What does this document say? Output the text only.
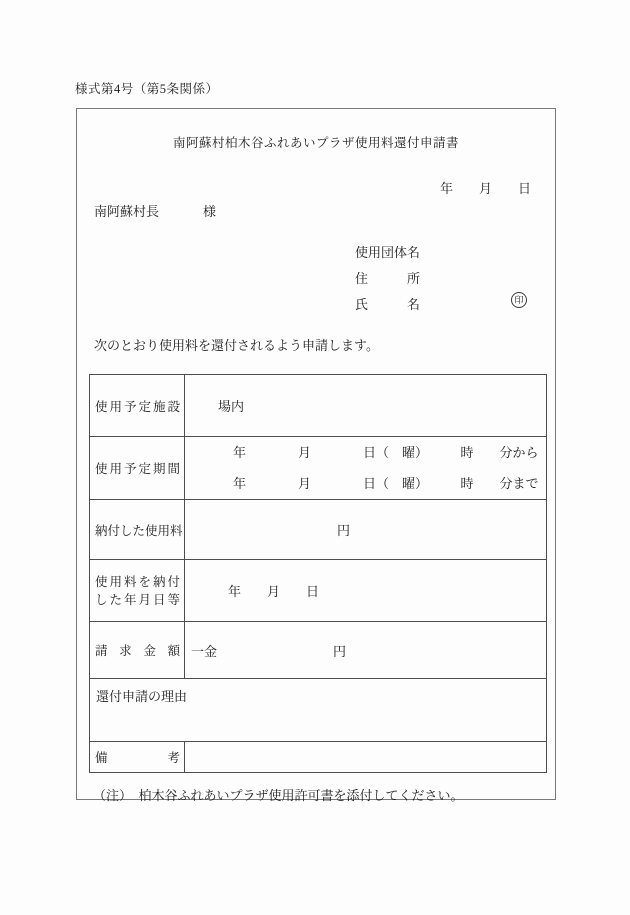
様式第4号（第5条関係）
南阿蘇村柏木谷ふれあいプラザ使用料還付申請書
年　　月　　日
南阿蘇村長	様
使用団体名
住　　　所
氏　　　名	印
次のとおり使用料を還付されるよう申請します。
使用予定施設	場内
使用予定期間	年　　　　月　　　　日（　曜）　　　時　　分から
年　　　　月　　　　日（　曜）　　　時　　分まで

納付した使用料	円

使用料を納付
した年月日等	年　　月　　日
請求金額	一金 円
還付申請の理由	
備考	
（注）　柏木谷ふれあいプラザ使用許可書を添付してください。
